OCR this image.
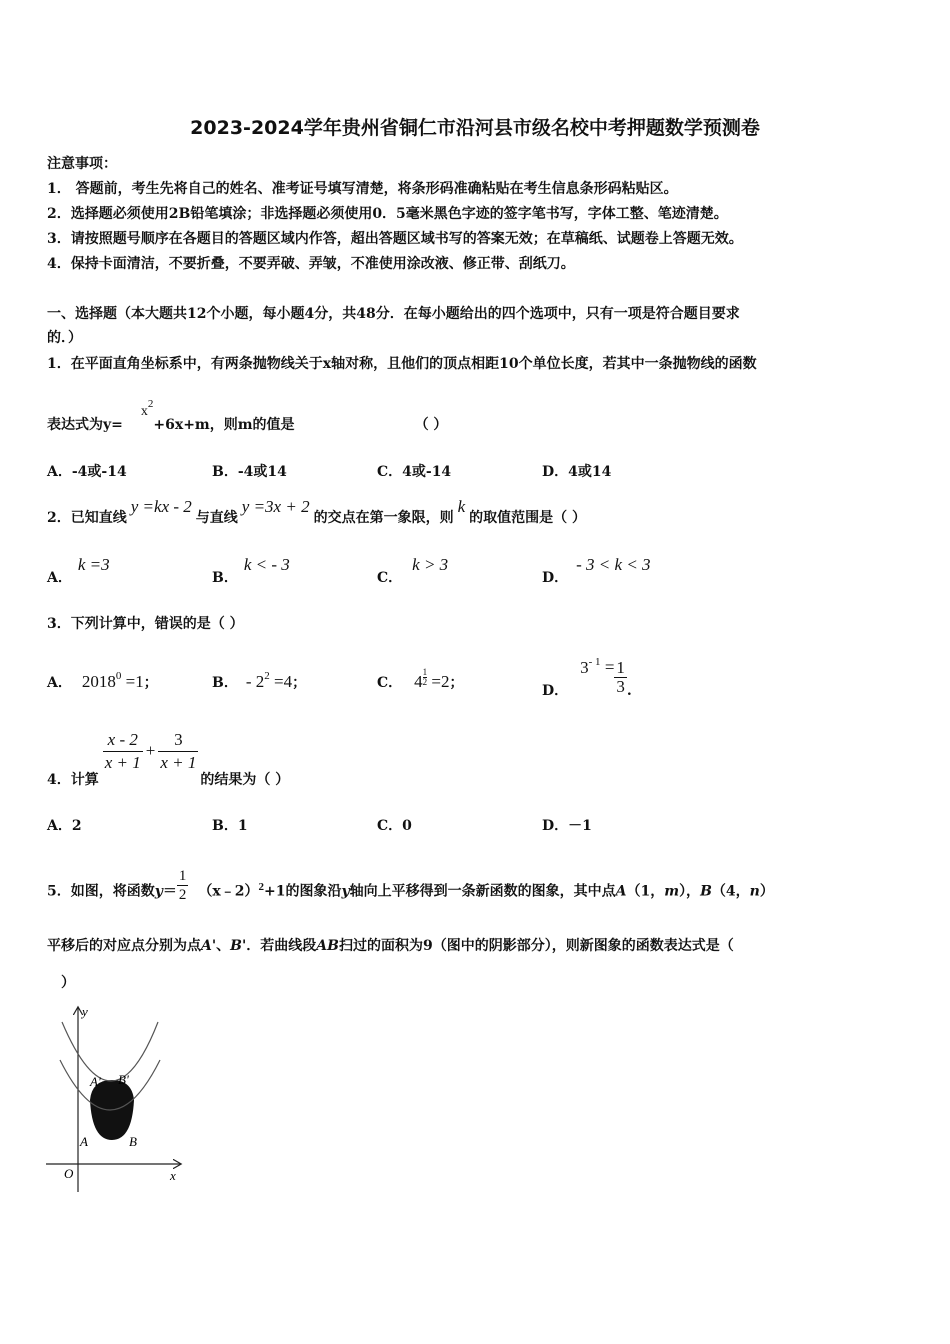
2023-2024学年贵州省铜仁市沿河县市级名校中考押题数学预测卷
注意事项：
1． 答题前，考生先将自己的姓名、准考证号填写清楚，将条形码准确粘贴在考生信息条形码粘贴区。
2．选择题必须使用2B铅笔填涂；非选择题必须使用0．5毫米黑色字迹的签字笔书写，字体工整、笔迹清楚。
3．请按照题号顺序在各题目的答题区域内作答，超出答题区域书写的答案无效；在草稿纸、试题卷上答题无效。
4．保持卡面清洁，不要折叠，不要弄破、弄皱，不准使用涂改液、修正带、刮纸刀。
一、选择题（本大题共12个小题，每小题4分，共48分．在每小题给出的四个选项中，只有一项是符合题目要求
的．）
1．在平面直角坐标系中，有两条抛物线关于x轴对称，且他们的顶点相距10个单位长度，若其中一条抛物线的函数
表达式为$y=x^2+6x+m$，则m的值是	（ ）
A．-4或-14	B．-4或14	C．4或-14	D．4或14
2．已知直线y =kx - 2与直线y =3x + 2的交点在第一象限，则k的取值范围是（ ）
A．k =3
B．k < - 3
C．k > 3
D．- 3 < k < 3
3．下列计算中，错误的是（ ）
A． $2018^0 =1$；	B． - $2^2 =4$；	C． $4 \frac{1}{2} =2$；	D．$3^{- 1} = \frac{1}{3}$ .
4．计算
$\frac{x - 2}{x + 1} + \frac{3}{x + 1}$
的结果为（ ）
A．2	B．1	C．0	D．－1
5．如图，将函数$y= \frac{1}{2}$ （x﹣2）$^2$+1的图象沿y轴向上平移得到一条新函数的图象，其中点A（1，m），B（4，n）
平移后的对应点分别为点A'、B'．若曲线段AB扫过的面积为9（图中的阴影部分），则新图象的函数表达式是（
）
y
x
O
A	B
A' B'
